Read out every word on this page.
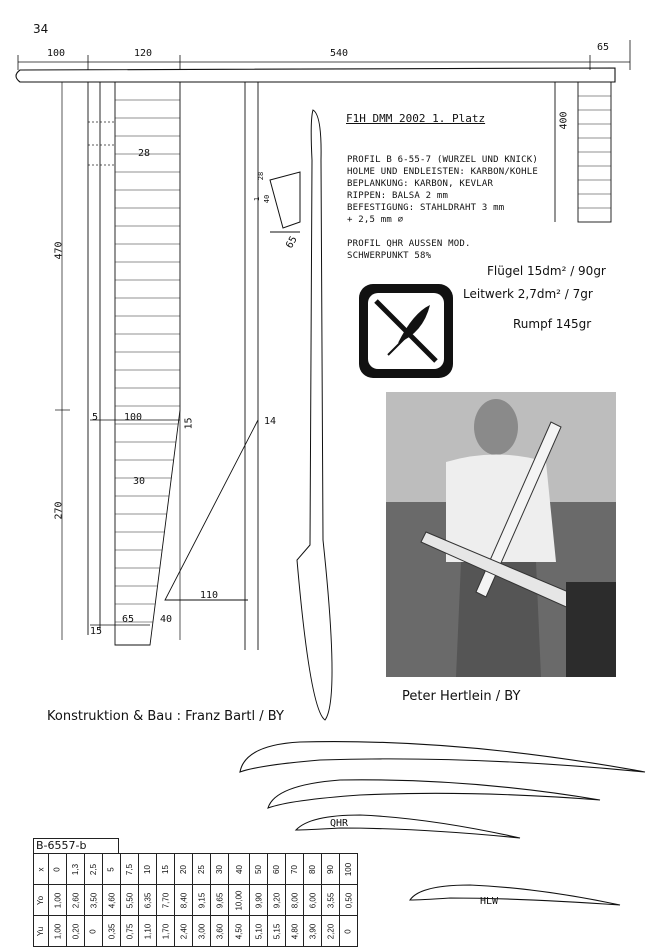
34
100	120	540
65
470
270
28
30
5	100	15	14
110
15
65	40
400
65
1 40
28
F1H DMM 2002 1. Platz
PROFIL B 6-55-7 (WURZEL UND KNICK)
HOLME UND ENDLEISTEN: KARBON/KOHLE
BEPLANKUNG: KARBON, KEVLAR
RIPPEN: BALSA 2 mm
BEFESTIGUNG: STAHLDRAHT 3 mm
+ 2,5 mm ⌀
PROFIL QHR AUSSEN MOD.
SCHWERPUNKT 58%
Flügel 15dm² / 90gr
Leitwerk 2,7dm² / 7gr
Rumpf 145gr
Peter Hertlein / BY
Konstruktion & Bau : Franz Bartl / BY
QHR
HLW
B-6557-b
x	0	1,3	2,5	5	7,5	10	15	20	25	30	40	50	60	70	80	90	100
Yo	1,00	2,60	3,50	4,60	5,50	6,35	7,70	8,40	9,15	9,65	10,00	9,90	9,20	8,00	6,00	3,55	0,50
Yu	1,00	0,20	0	0,35	0,75	1,10	1,70	2,40	3,00	3,60	4,50	5,10	5,15	4,80	3,90	2,20	0
